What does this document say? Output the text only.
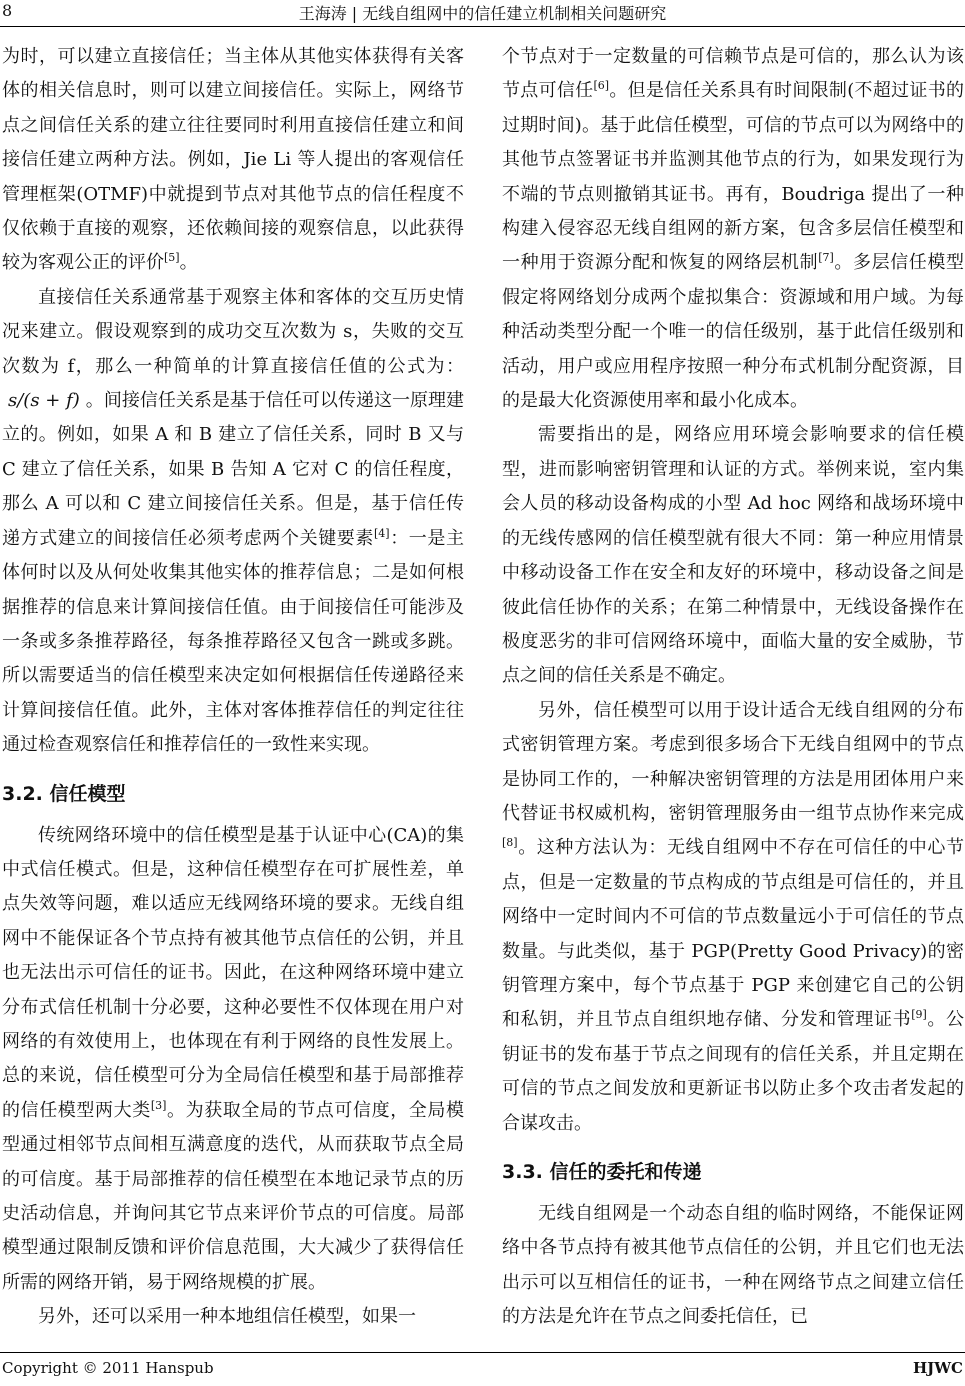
8	王海涛 | 无线自组网中的信任建立机制相关问题研究

为时，可以建立直接信任；当主体从其他实体获得有关客体的相关信息时，则可以建立间接信任。实际上，网络节点之间信任关系的建立往往要同时利用直接信任建立和间接信任建立两种方法。例如，Jie Li 等人提出的客观信任管理框架(OTMF)中就提到节点对其他节点的信任程度不仅依赖于直接的观察，还依赖间接的观察信息，以此获得较为客观公正的评价[5]。

直接信任关系通常基于观察主体和客体的交互历史情况来建立。假设观察到的成功交互次数为 s，失败的交互次数为 f，那么一种简单的计算直接信任值的公式为：s/(s + f) 。间接信任关系是基于信任可以传递这一原理建立的。例如，如果 A 和 B 建立了信任关系，同时 B 又与 C 建立了信任关系，如果 B 告知 A 它对 C 的信任程度，那么 A 可以和 C 建立间接信任关系。但是，基于信任传递方式建立的间接信任必须考虑两个关键要素[4]：一是主体何时以及从何处收集其他实体的推荐信息；二是如何根据推荐的信息来计算间接信任值。由于间接信任可能涉及一条或多条推荐路径，每条推荐路径又包含一跳或多跳。所以需要适当的信任模型来决定如何根据信任传递路径来计算间接信任值。此外，主体对客体推荐信任的判定往往通过检查观察信任和推荐信任的一致性来实现。

3.2. 信任模型

传统网络环境中的信任模型是基于认证中心(CA)的集中式信任模式。但是，这种信任模型存在可扩展性差，单点失效等问题，难以适应无线网络环境的要求。无线自组网中不能保证各个节点持有被其他节点信任的公钥，并且也无法出示可信任的证书。因此，在这种网络环境中建立分布式信任机制十分必要，这种必要性不仅体现在用户对网络的有效使用上，也体现在有利于网络的良性发展上。总的来说，信任模型可分为全局信任模型和基于局部推荐的信任模型两大类[3]。为获取全局的节点可信度，全局模型通过相邻节点间相互满意度的迭代，从而获取节点全局的可信度。基于局部推荐的信任模型在本地记录节点的历史活动信息，并询问其它节点来评价节点的可信度。局部模型通过限制反馈和评价信息范围，大大减少了获得信任所需的网络开销，易于网络规模的扩展。

另外，还可以采用一种本地组信任模型，如果一

个节点对于一定数量的可信赖节点是可信的，那么认为该节点可信任[6]。但是信任关系具有时间限制(不超过证书的过期时间)。基于此信任模型，可信的节点可以为网络中的其他节点签署证书并监测其他节点的行为，如果发现行为不端的节点则撤销其证书。再有，Boudriga 提出了一种构建入侵容忍无线自组网的新方案，包含多层信任模型和一种用于资源分配和恢复的网络层机制[7]。多层信任模型假定将网络划分成两个虚拟集合：资源域和用户域。为每种活动类型分配一个唯一的信任级别，基于此信任级别和活动，用户或应用程序按照一种分布式机制分配资源，目的是最大化资源使用率和最小化成本。

需要指出的是，网络应用环境会影响要求的信任模型，进而影响密钥管理和认证的方式。举例来说，室内集会人员的移动设备构成的小型 Ad hoc 网络和战场环境中的无线传感网的信任模型就有很大不同：第一种应用情景中移动设备工作在安全和友好的环境中，移动设备之间是彼此信任协作的关系；在第二种情景中，无线设备操作在极度恶劣的非可信网络环境中，面临大量的安全威胁，节点之间的信任关系是不确定。

另外，信任模型可以用于设计适合无线自组网的分布式密钥管理方案。考虑到很多场合下无线自组网中的节点是协同工作的，一种解决密钥管理的方法是用团体用户来代替证书权威机构，密钥管理服务由一组节点协作来完成[8]。这种方法认为：无线自组网中不存在可信任的中心节点，但是一定数量的节点构成的节点组是可信任的，并且网络中一定时间内不可信的节点数量远小于可信任的节点数量。与此类似，基于 PGP(Pretty Good Privacy)的密钥管理方案中，每个节点基于 PGP 来创建它自己的公钥和私钥，并且节点自组织地存储、分发和管理证书[9]。公钥证书的发布基于节点之间现有的信任关系，并且定期在可信的节点之间发放和更新证书以防止多个攻击者发起的合谋攻击。

3.3. 信任的委托和传递

无线自组网是一个动态自组的临时网络，不能保证网络中各节点持有被其他节点信任的公钥，并且它们也无法出示可以互相信任的证书，一种在网络节点之间建立信任的方法是允许在节点之间委托信任，已

Copyright © 2011 Hanspub	HJWC
